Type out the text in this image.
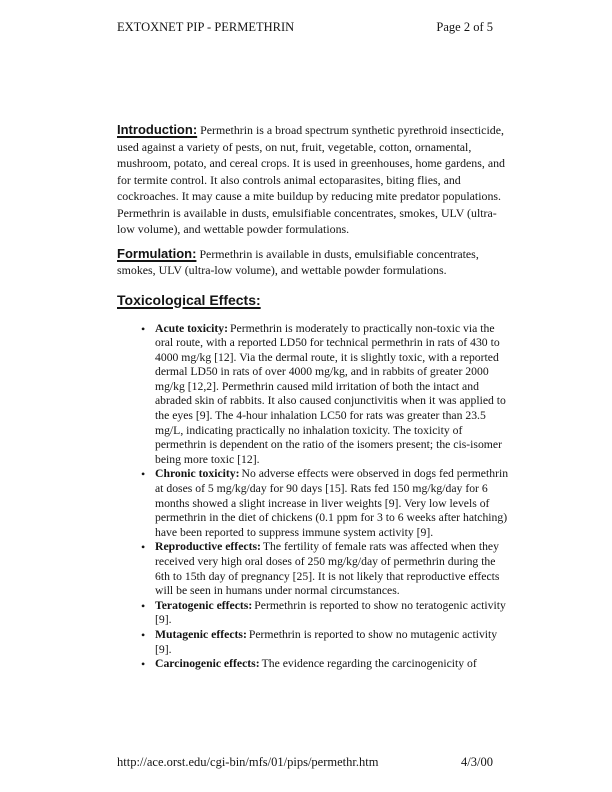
EXTOXNET PIP - PERMETHRIN	Page 2 of 5

Introduction: Permethrin is a broad spectrum synthetic pyrethroid insecticide, used against a variety of pests, on nut, fruit, vegetable, cotton, ornamental, mushroom, potato, and cereal crops. It is used in greenhouses, home gardens, and for termite control. It also controls animal ectoparasites, biting flies, and cockroaches. It may cause a mite buildup by reducing mite predator populations. Permethrin is available in dusts, emulsifiable concentrates, smokes, ULV (ultra-low volume), and wettable powder formulations.

Formulation: Permethrin is available in dusts, emulsifiable concentrates, smokes, ULV (ultra-low volume), and wettable powder formulations.

Toxicological Effects:
•
Acute toxicity: Permethrin is moderately to practically non-toxic via the oral route, with a reported LD50 for technical permethrin in rats of 430 to 4000 mg/kg [12]. Via the dermal route, it is slightly toxic, with a reported dermal LD50 in rats of over 4000 mg/kg, and in rabbits of greater 2000 mg/kg [12,2]. Permethrin caused mild irritation of both the intact and abraded skin of rabbits. It also caused conjunctivitis when it was applied to the eyes [9]. The 4-hour inhalation LC50 for rats was greater than 23.5 mg/L, indicating practically no inhalation toxicity. The toxicity of permethrin is dependent on the ratio of the isomers present; the cis-isomer being more toxic [12].
•
Chronic toxicity: No adverse effects were observed in dogs fed permethrin at doses of 5 mg/kg/day for 90 days [15]. Rats fed 150 mg/kg/day for 6 months showed a slight increase in liver weights [9]. Very low levels of permethrin in the diet of chickens (0.1 ppm for 3 to 6 weeks after hatching) have been reported to suppress immune system activity [9].
•
Reproductive effects: The fertility of female rats was affected when they received very high oral doses of 250 mg/kg/day of permethrin during the 6th to 15th day of pregnancy [25]. It is not likely that reproductive effects will be seen in humans under normal circumstances.
•
Teratogenic effects: Permethrin is reported to show no teratogenic activity [9].
•
Mutagenic effects: Permethrin is reported to show no mutagenic activity [9].
•
Carcinogenic effects: The evidence regarding the carcinogenicity of
http://ace.orst.edu/cgi-bin/mfs/01/pips/permethr.htm	4/3/00
